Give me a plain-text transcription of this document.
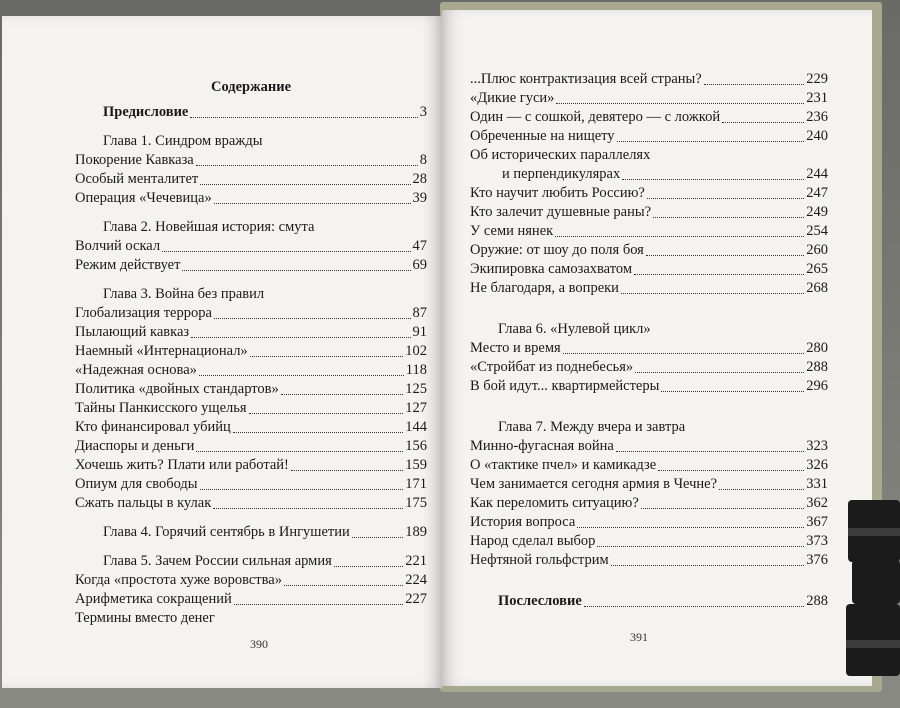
Содержание
Предисловие	3
Глава 1. Синдром вражды
Покорение Кавказа	8
Особый менталитет	28
Операция «Чечевица»	39
Глава 2. Новейшая история: смута
Волчий оскал	47
Режим действует	69
Глава 3. Война без правил
Глобализация террора	87
Пылающий кавказ	91
Наемный «Интернационал»	102
«Надежная основа»	118
Политика «двойных стандартов»	125
Тайны Панкисского ущелья	127
Кто финансировал убийц	144
Диаспоры и деньги	156
Хочешь жить? Плати или работай!	159
Опиум для свободы	171
Сжать пальцы в кулак	175
Глава 4. Горячий сентябрь в Ингушетии	189
Глава 5. Зачем России сильная армия	221
Когда «простота хуже воровства»	224
Арифметика сокращений	227
Термины вместо денег
390
...Плюс контрактизация всей страны?	229
«Дикие гуси»	231
Один — с сошкой, девятеро — с ложкой	236
Обреченные на нищету	240
Об исторических параллелях
и перпендикулярах	244
Кто научит любить Россию?	247
Кто залечит душевные раны?	249
У семи нянек	254
Оружие: от шоу до поля боя	260
Экипировка самозахватом	265
Не благодаря, а вопреки	268
Глава 6. «Нулевой цикл»
Место и время	280
«Стройбат из поднебесья»	288
В бой идут... квартирмейстеры	296
Глава 7. Между вчера и завтра
Минно-фугасная война	323
О «тактике пчел» и камикадзе	326
Чем занимается сегодня армия в Чечне?	331
Как переломить ситуацию?	362
История вопроса	367
Народ сделал выбор	373
Нефтяной гольфстрим	376
Послесловие	288
391
